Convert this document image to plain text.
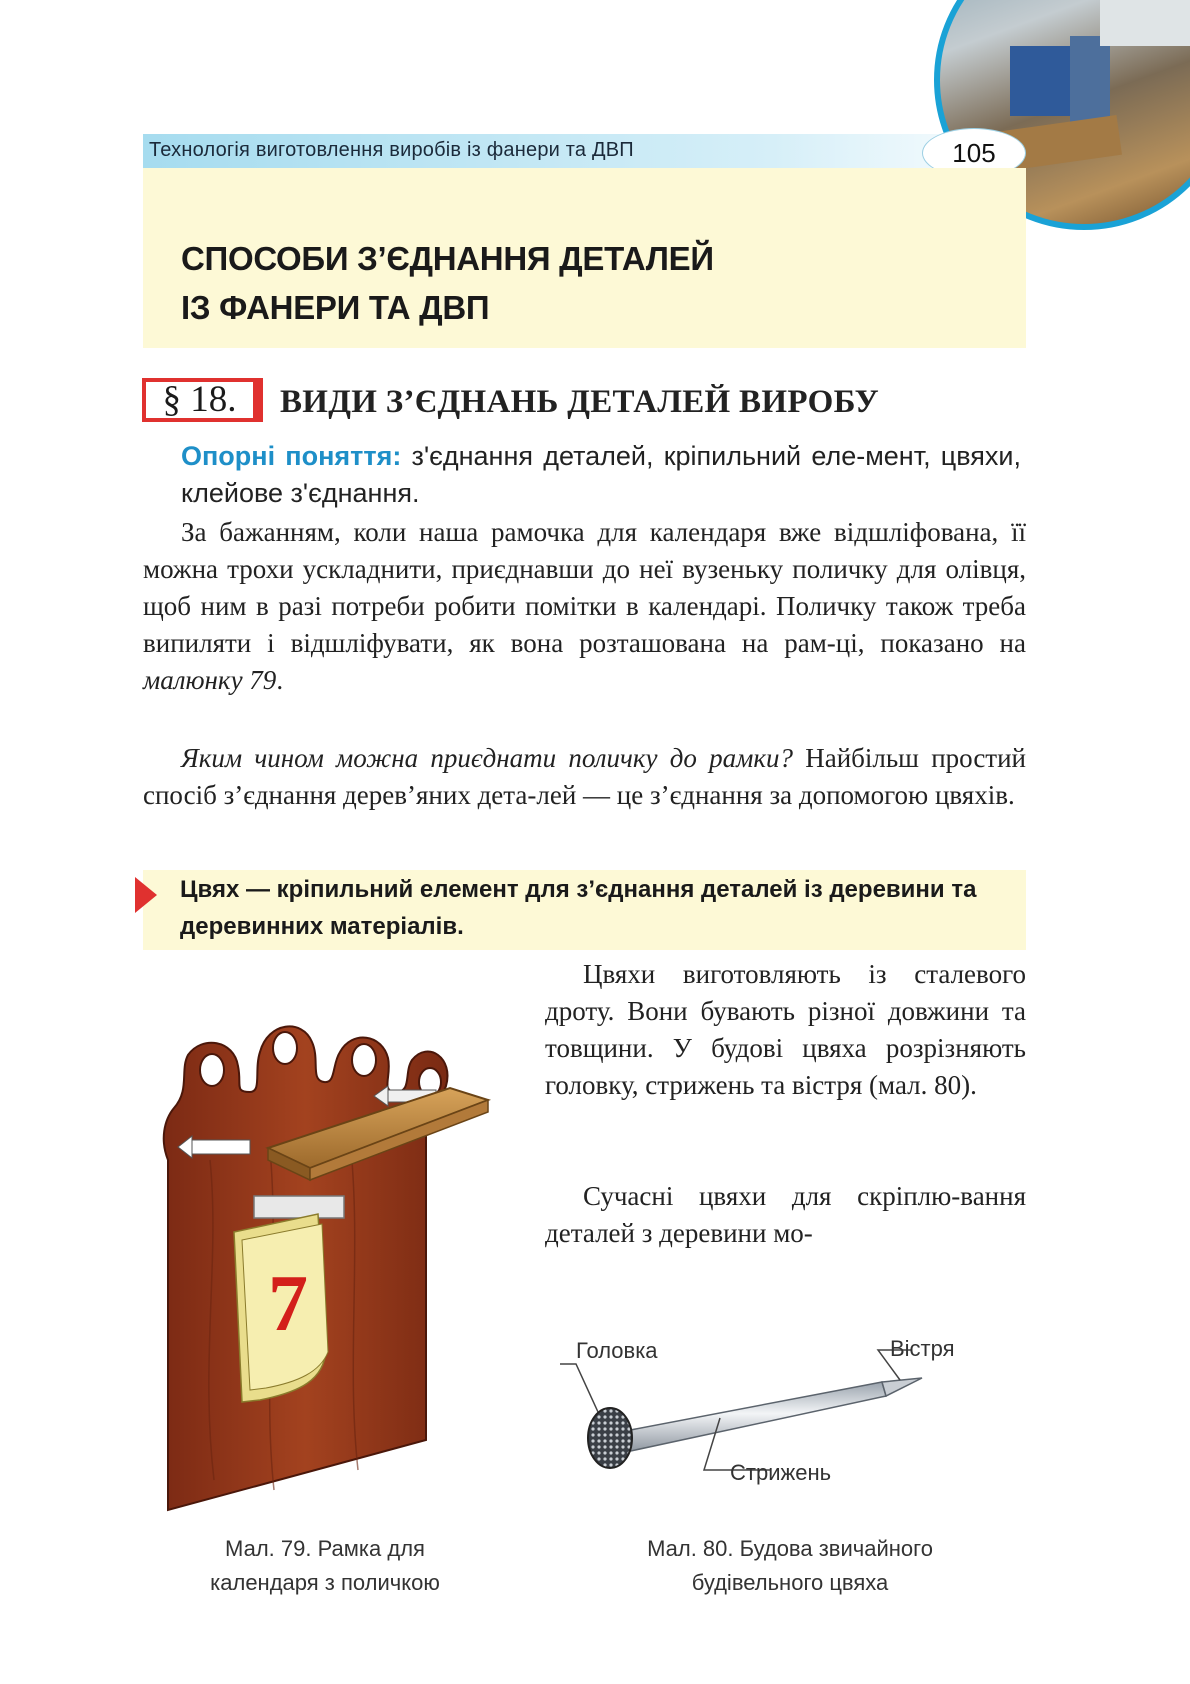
Технологія виготовлення виробів із фанери та ДВП	105
СПОСОБИ З’ЄДНАННЯ ДЕТАЛЕЙ
ІЗ ФАНЕРИ ТА ДВП
§ 18.	ВИДИ З’ЄДНАНЬ ДЕТАЛЕЙ ВИРОБУ
Опорні поняття: з'єднання деталей, кріпильний еле-мент, цвяхи, клейове з'єднання.
За бажанням, коли наша рамочка для календаря вже відшліфована, її можна трохи ускладнити, приєднавши до неї вузеньку поличку для олівця, щоб ним в разі потреби робити помітки в календарі. Поличку також треба випиляти і відшліфувати, як вона розташована на рам-ці, показано на малюнку 79.
Яким чином можна приєднати поличку до рамки? Найбільш простий спосіб з’єднання дерев’яних дета-лей — це з’єднання за допомогою цвяхів.
Цвях — кріпильний елемент для з’єднання деталей із деревини та деревинних матеріалів.
Цвяхи виготовляють із сталевого дроту. Вони бувають різної довжини та товщини. У будові цвяха розрізняють головку, стрижень та вістря (мал. 80).
Сучасні цвяхи для скріплю-вання деталей з деревини мо-
7
Головка	Вістря
Стрижень
Мал. 79. Рамка для
календаря з поличкою
Мал. 80. Будова звичайного
будівельного цвяха
